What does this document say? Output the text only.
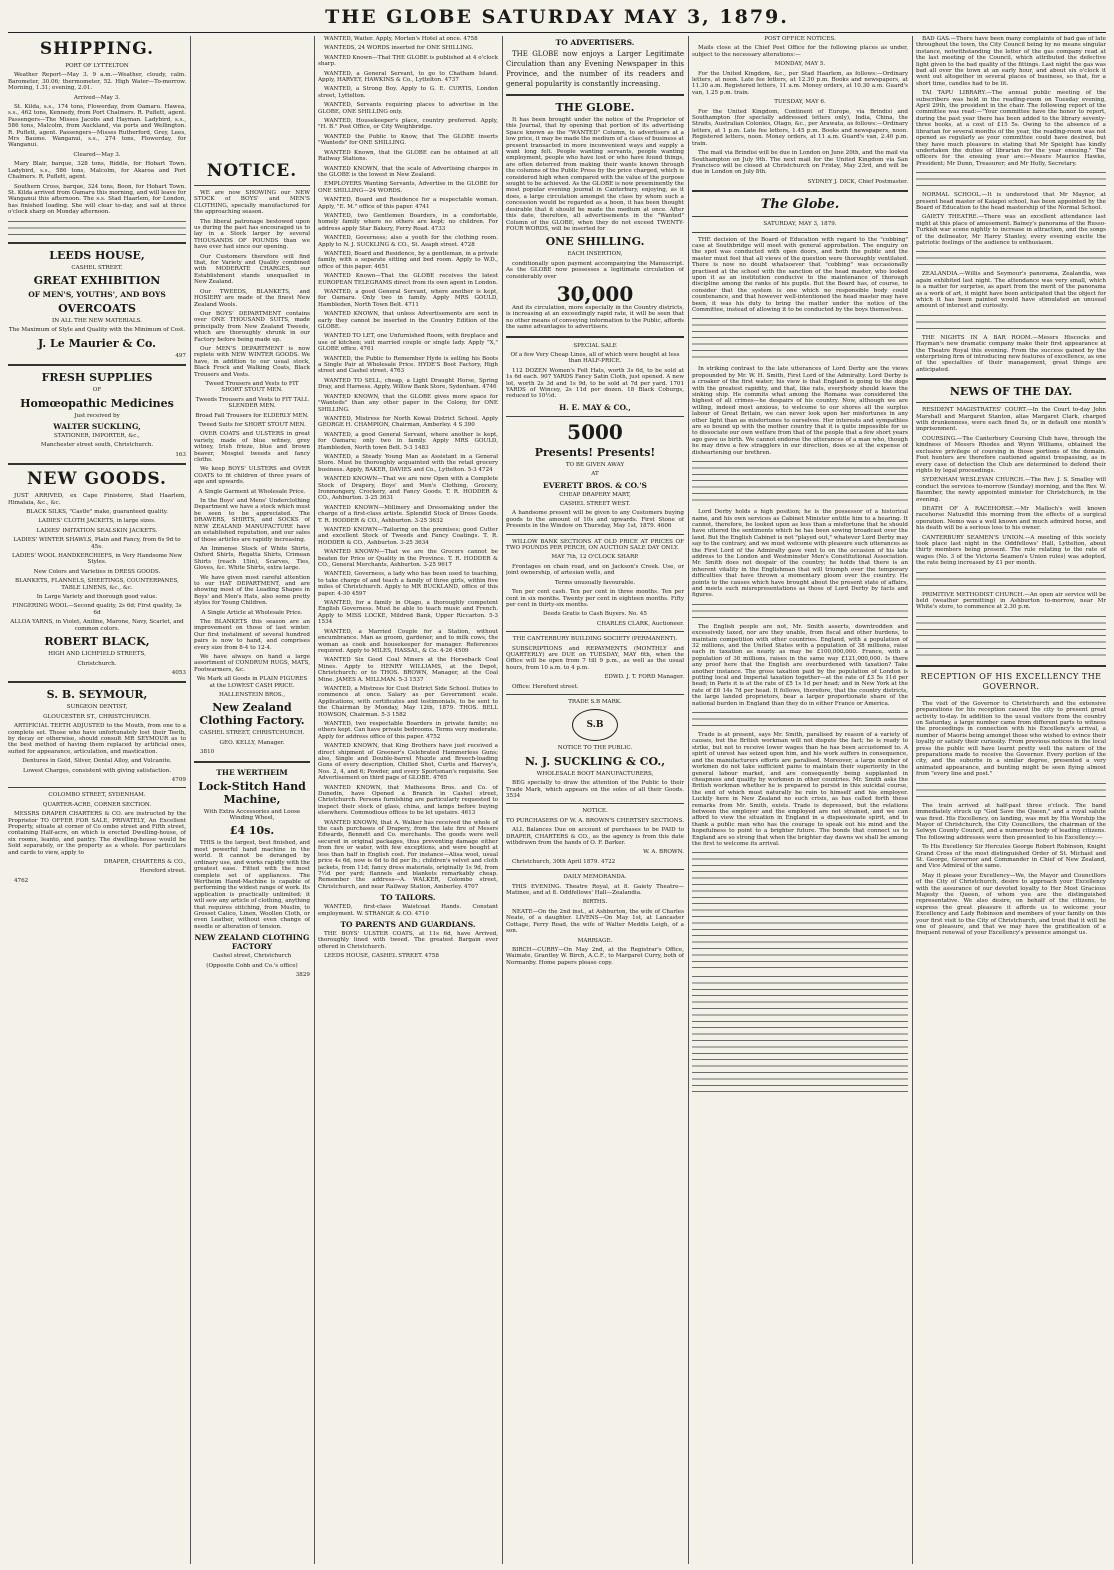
THE GLOBE SATURDAY MAY 3, 1879.
SHIPPING.

PORT OF LYTTELTON

Weather Report—May 3. 9 a.m.—Weather, cloudy, calm. Barometer, 30.06; thermometer, 52. High Water—To-morrow. Morning, 1.31; evening, 2.01.

Arrived—May 3.

St. Kilda, s.s., 174 tons, Flowerday, from Oamaru. Hawea, s.s., 462 tons, Kennedy, from Port Chalmers. R. Puflett, agent. Passengers—The Misses Jacobs and Hayman. Ladybird, s.s., 586 tons, Malcolm, from Auckland, via ports and Wellington. R. Puflett, agent. Passengers—Misses Rutherford, Grey, Lees, Mrs Baume. Wanganui, s.s., 274 tons, Flowerday, for Wanganui.

Cleared—May 3.

Mary Blair, barque, 328 tons, Riddle, for Hobart Town. Ladybird, s.s., 586 tons, Malcolm, for Akaroa and Port Chalmers. R. Puflett, agent.

Southern Cross, barque, 324 tons, Boon, for Hobart Town. St. Kilda arrived from Oamaru this morning, and will leave for Wanganui this afternoon. The s.s. Stad Haarlem, for London, has finished loading. She will clear to-day, and sail at three o'clock sharp on Monday afternoon.

LEEDS HOUSE,

CASHEL STREET.

GREAT EXHIBITION
OF MEN'S, YOUTHS', AND BOYS
OVERCOATS

IN ALL THE NEW MATERIALS.

The Maximum of Style and Quality with the Minimum of Cost.

J. Le Maurier & Co.

497

FRESH SUPPLIES

OF

Homœopathic Medicines

Just received by

WALTER SUCKLING,

STATIONER, IMPORTER, &c.,

Manchester street south, Christchurch.

163

NEW GOODS.

JUST ARRIVED, ex Cape Finisterre, Stad Haarlem, Himalaia, &c., &c.

BLACK SILKS, "Castle" make, guaranteed quality.

LADIES' CLOTH JACKETS, in large sizes.

LADIES' IMITATION SEALSKIN JACKETS.

LADIES' WINTER SHAWLS, Plain and Fancy, from 6s 9d to 45s.

LADIES' WOOL HANDKERCHIEFS, in Very Handsome New Styles.

New Colors and Varieties in DRESS GOODS.

BLANKETS, FLANNELS, SHEETINGS, COUNTERPANES, TABLE LINENS, &c., &c.

In Large Variety and thorough good value.

FINGERING WOOL—Second quality, 2s 6d; First quality, 3s 6d

ALLOA YARNS, in Violet, Aniline, Marone, Navy, Scarlet, and common colors.

ROBERT BLACK,

HIGH AND LICHFIELD STREETS,

Christchurch.

4053

S. B. SEYMOUR,

SURGEON DENTIST,

GLOUCESTER ST., CHRISTCHURCH.

ARTIFICIAL TEETH ADJUSTED to the Mouth, from one to a complete set. Those who have unfortunately lost their Teeth, by decay or otherwise, should consult MR SEYMOUR as to the best method of having them replaced by artificial ones, suited for appearance, articulation, and mastication.

Dentures in Gold, Silver, Dental Alloy, and Vulcanite.

Lowest Charges, consistent with giving satisfaction.

4709

COLOMBO STREET, SYDENHAM.

QUARTER-ACRE, CORNER SECTION.

MESSRS DRAPER CHARTERS & CO. are instructed by the Proprietor TO OFFER FOR SALE, PRIVATELY, An Excellent Property, situate at corner of Co ombo street and Fifth street, containing Half-acre, on which is erected Dwelling-house, of six rooms, leanto, and pantry. The dwelling-house would be Sold separately, or the property as a whole. For particulars and cards to view, apply to

DRAPER, CHARTERS & CO.,

Hereford street.

4762

NOTICE.

WE are now SHOWING our NEW STOCK of BOYS' and MEN'S CLOTHING, specially manufactured for the approaching season.

The liberal patronage bestowed upon us during the past has encouraged us to lay in a Stock larger by several THOUSANDS OF POUNDS than we have ever had since our opening.

Our Customers therefore will find that, for Variety and Quality combined with MODERATE CHARGES, our Establishment stands unequalled in New Zealand.

Our TWEEDS, BLANKETS, and HOSIERY are made of the finest New Zealand Wools.

Our BOYS' DEPARTMENT contains over ONE THOUSAND SUITS, made principally from New Zealand Tweeds, which are thoroughly shrunk in our Factory before being made up.

Our MEN'S DEPARTMENT is now replete with NEW WINTER GOODS. We have, in addition to our usual stock, Black Frock and Walking Coats, Black Trousers and Vests.

Tweed Trousers and Vests to FIT SHORT STOUT MEN.

Tweeds Trousers and Vests to FIT TALL SLENDER MEN.

Broad Fall Trousers for ELDERLY MEN.

Tweed Suits for SHORT STOUT MEN.

OVER COATS and ULSTERS in great variety, made of blue witney, grey witney, Irish frieze, blue and brown beaver, Mosgiel tweeds and fancy cloths.

We keep BOYS' ULSTERS and OVER COATS to fit children of three years of age and upwards.

A Single Garment at Wholesale Price.

In the Boys' and Mens' Underclothing Department we have a stock which must be seen to be appreciated. The DRAWERS, SHIRTS, and SOCKS of NEW ZEALAND MANUFACTURE have an established reputation, and our sales of those articles are rapidly increasing.

An Immense Stock of White Shirts, Oxford Shirts, Regatta Shirts, Crimean Shirts (reach 15in), Scarves, Ties, Gloves, &c. White Shirts, extra large.

We have given most careful attention to our HAT DEPARTMENT, and are showing most of the Leading Shapes in Boys' and Men's Hats, also some pretty styles for Young Children.

A Single Article at Wholesale Price.

The BLANKETS this season are an improvement on those of last winter. Our first instalment of several hundred pairs is now to hand, and comprises every size from 8-4 to 12-4.

We have always on hand a large assortment of CONDRUM RUGS, MATS, Footwarmers, &c.

We Mark all Goods in PLAIN FIGURES at the LOWEST CASH PRICE.

HALLENSTEIN BROS.,

New Zealand Clothing Factory.

CASHEL STREET, CHRISTCHURCH.

GEO. KELLY, Manager.

3810

THE WERTHEIM
Lock-Stitch Hand Machine,

With Extra Accessories and Loose Winding Wheel,

£4 10s.

THIS is the largest, best finished, and most powerful hand machine in the world. It cannot be deranged by ordinary use, and works rapidly with the greatest ease. Fitted with the most complete set of appliances. The Wertheim Hand-Machine is capable of performing the widest range of work. Its application is practically unlimited; it will sew any article of clothing, anything that requires stitching, from Muslin, to Grosset Calico, Linen, Woollen Cloth, or even Leather, without even change of needle or alteration of tension.

NEW ZEALAND CLOTHING FACTORY

Cashel street, Christchurch

(Opposite Cobb and Co.'s office)

3829

WANTED, Waiter. Apply, Morten's Hotel at once. 4758

WANTEDS, 24 WORDS inserted for ONE SHILLING.

WANTED Known—That THE GLOBE is published at 4 o'clock sharp.

WANTED, a General Servant, to go to Chatham Island. Apply, HARVEY, HAWKINS & Co., Lyttelton. 4737

WANTED, a Strong Boy. Apply to G. E. CURTIS, London street, Lyttelton.

WANTED, Servants requiring places to advertise in the GLOBE, ONE SHILLING only.

WANTED, Housekeeper's place, country preferred. Apply, "H. B." Post Office, or City Weighbridge.

WANTED the Public to Know, that The GLOBE inserts "Wanteds" for ONE SHILLING.

WANTED Known, that the GLOBE can be obtained at all Railway Stations.

WANTED KNOWN, that the scale of Advertising charges in the GLOBE is the lowest in New Zealand.

EMPLOYERS Wanting Servants, Advertise in the GLOBE for ONE SHILLING—24 WORDS.

WANTED, Board and Residence for a respectable woman. Apply, "E. M." office of this paper. 4741

WANTED, two Gentlemen Boarders, in a comfortable, homely family where no others are kept; no children. For address apply Star Bakery, Ferry Road. 4733

WANTED, Governess; also a youth for the clothing room. Apply to N. J. SUCKLING & CO., St. Asaph street. 4728

WANTED, Board and Residence, by a gentleman, in a private family, with a separate sitting and bed room. Apply to W.D., office of this paper. 4651

WANTED Known—That the GLOBE receives the latest EUROPEAN TELEGRAMS direct from its own agent in London.

WANTED, a good General Servant, where another is kept, for Oamaru. Only two in family. Apply MRS GOULD, Hambleden, North Town Belt. 4711

WANTED KNOWN, that unless Advertisements are sent in early they cannot be inserted in the Country Edition of the GLOBE.

WANTED TO LET, one Unfurnished Room, with fireplace and use of kitchen; suit married couple or single lady. Apply "X," GLOBE office. 4761

WANTED, the Public to Remember Hyde is selling his Boots a Single Pair at Wholesale Price. HYDE'S Boot Factory, High street and Cashel street. 4763

WANTED TO SELL, cheap, a Light Draught Horse, Spring Dray, and Harness. Apply, Willow Bank Store, Sydenham. 4746

WANTED KNOWN, that the GLOBE gives more space for "Wanteds" than any other paper in the Colony, for ONE SHILLING.

WANTED, Mistress for North Kowai District School. Apply GEORGE H. CHAMPION, Chairman, Amberley. 4 S 390

WANTED, a good General Servant, where another is kept, for Oamaru; only two in family. Apply MRS GOULD, Hambleden, North town Belt. 5-3 1483

WANTED, a Steady Young Man as Assistant in a General Store. Must be thoroughly acquainted with the retail grocery business. Apply, BAKER, DAVIES and Co., Lyttelton. 5-3 4724

WANTED KNOWN—That we are now Open with a Complete Stock of Drapery, Boys' and Men's Clothing, Grocery, Ironmongery, Crockery, and Fancy Goods. T. R. HODDER & CO., Ashburton. 3-25 3631

WANTED KNOWN—Millinery and Dressmaking under the charge of a first-class artiste. Splendid Stock of Dress Goods. T. R. HODDER & CO., Ashburton. 3-25 3632

WANTED KNOWN—Tailoring on the premises; good Cutter and excellent Stock of Tweeds and Fancy Coatings. T. R. HODDER & CO., Ashburton. 3-25 3634

WANTED KNOWN—That we are the Grocers cannot be beaten for Price or Quality in the Province. T. R. HODDER & CO., General Merchants, Ashburton. 3-25 9617

WANTED, Governess, a lady who has been used to teaching, to take charge of and teach a family of three girls, within five miles of Christchurch. Apply to MR BUCKLAND, office of this paper. 4-30 4597

WANTED, for a family in Otago, a thoroughly competent English Governess. Must be able to teach music and French. Apply to MISS LOCKE, Mildred Bank, Upper Riccarton. 5-3 1534

WANTED, a Married Couple for a Station, without encumbrance. Man as groom, gardener, and to milk cows, the woman as cook and housekeeper for manager. References required. Apply to MILES, HASSAL, & Co. 4-26 4509

WANTED Six Good Coal Miners at the Horseback Coal Mines. Apply to HENRY WILLIAMS, at the Depot, Christchurch; or to THOS. BROWN, Manager, at the Coal Mine. JAMES A. MILLMAN. 5-3 1537

WANTED, a Mistress for Cust District Side School. Duties to commence at once. Salary as per Government scale. Applications, with certificates and testimonials, to be sent to the Chairman by Monday, May 12th, 1879. THOS. BELL HOWSON, Chairman. 5-3 1582

WANTED, two respectable Boarders in private family; no others kept. Can have private bedrooms. Terms very moderate. Apply for address office of this paper. 4752

WANTED KNOWN, that King Brothers have just received a direct shipment of Greener's Celebrated Hammerless Guns; also, Single and Double-barrel Muzzle and Breech-loading Guns of every description, Chilled Shot, Curtis and Harvey's, Nos. 2, 4, and 6; Powder, and every Sportsman's requisite. See Advertisement on third page of GLOBE. 4765

WANTED KNOWN, that Mathesons Bros. and Co. of Dunedin, have Opened a Branch in Cashel street, Christchurch. Persons furnishing are particularly requested to inspect their stock of glass, china, and lamps before buying elsewhere. Commodious offices to be let upstairs. 4613

WANTED KNOWN, that A. Walker has received the whole of the cash purchases of Drapery, from the late fire of Messrs Edwards, Bennett and Co. merchants. The goods were well secured in original packages, thus preventing damage either from fire or water, with few exceptions, and were bought at less than half in English cost. For instance—Alisa wool, usual price 4s 6d, now is 6d to 8d per lb.; children's velvet and cloth jackets, from 11d; fancy dress materials, originally 1s 9d, from 7½d per yard; flannels and blankets remarkably cheap. Remember the address—A. WALKER, Colombo street, Christchurch, and near Railway Station, Amberley. 4707

TO TAILORS.

WANTED, first-class Waistcoat Hands. Constant employment. W. STRANGE & CO. 4710

TO PARENTS AND GUARDIANS.

THE BOYS' ULSTER COATS, at 11s 6d, have Arrived, thoroughly lined with tweed. The greatest Bargain ever offered in Christchurch.

LEEDS HOUSE, CASHEL STREET. 4758

TO ADVERTISERS.

THE GLOBE now enjoys a Larger Legitimate Circulation than any Evening Newspaper in this Province, and the number of its readers and general popularity is constantly increasing.

THE GLOBE.

It has been brought under the notice of the Proprietor of this Journal, that by opening that portion of its advertising Space known as the "WANTED" Column, to advertisers at a low price, it may be made the medium of a class of business at present transacted in more inconvenient ways and supply a want long felt. People wanting servants, people wanting employment, people who have lost or who have found things, are often deterred from making their wants known through the columns of the Public Press by the price charged, which is considered high when compared with the value of the purpose sought to be achieved. As the GLOBE is now preeminently the most popular evening journal in Canterbury, enjoying, as it does, a large circulation amongst the class by whom such a concession would be regarded as a boon, it has been thought desirable that it should be made the medium at once. After this date, therefore, all advertisements in the "Wanted" Column of the GLOBE, when they do not exceed TWENTY-FOUR WORDS, will be inserted for

ONE SHILLING.

EACH INSERTION,

conditionally upon payment accompanying the Manuscript. As the GLOBE now possesses a legitimate circulation of considerably over

30,000

And its circulation, more especially in the Country districts, is increasing at an exceedingly rapid rate, it will be seen that no other means of conveying information to the Public, affords the same advantages to advertisers.

SPECIAL SALE

Of a few Very Cheap Lines, all of which were bought at less than HALF-PRICE.

112 DOZEN Women's Felt Hats, worth 3s 6d, to be sold at 1s 6d each. 907 YARDS Fancy Satin Cloth, just opened. A new lot, worth 2s 3d and 1s 9d, to be sold at 7d per yard. 1701 YARDS of Wincey, 2s 11d per dozen. 18 Black Coburgs, reduced to 10½d.

H. E. MAY & CO.,
5000
Presents! Presents!

TO BE GIVEN AWAY

AT

EVERETT BROS. & CO.'S

CHEAP DRAPERY MART,

CASHEL STREET WEST.

A handsome present will be given to any Customers buying goods to the amount of 10s and upwards. First Stone of Presents in the Window on Thursday, May 1st, 1879. 4606

WILLOW BANK SECTIONS AT OLD PRICE AT PRICES OF TWO POUNDS PER PERCH, ON AUCTION SALE DAY ONLY.

MAY 7th, 12 O'CLOCK SHARP.

Frontages on chain road, and on Jackson's Creek. Use, or joint ownership, of artesian wells, and

Terms unusually favourable.

Ten per cent cash. Ten per cent in three months. Ten per cent in six months. Twenty per cent in eighteen months. Fifty per cent in thirty-six months.

Deeds Gratis to Cash Buyers. No. 45

CHARLES CLARK, Auctioneer.

THE CANTERBURY BUILDING SOCIETY (PERMANENT).

SUBSCRIPTIONS and REPAYMENTS (MONTHLY and QUARTERLY) are DUE on TUESDAY, MAY 6th, when the Office will be open from 7 till 9 p.m., as well as the usual hours, from 10 a.m. to 4 p.m.

EDWD. J. T. FORD Manager.

Office: Hereford street.

TRADE S.B MARK.

S.B

NOTICE TO THE PUBLIC.

N. J. SUCKLING & CO.,

WHOLESALE BOOT MANUFACTURERS,

BEG specially to draw the attention of the Public to their Trade Mark, which appears on the soles of all their Goods. 3534

NOTICE.

TO PURCHASERS OF W. A. BROWN'S CHERTSEY SECTIONS.

ALL Balances Due on account of purchases to be PAID to DRAPER, CHARTERS & CO., as the agency is from this date withdrawn from the hands of O. F. Barker.

W. A. BROWN.

Christchurch, 30th April 1879. 4722

DAILY MEMORANDA.

THIS EVENING. Theatre Royal, at 8. Gaiety Theatre—Matinee, and at 8. Oddfellows' Hall—Zealandia.

BIRTHS.

NEATE—On the 2nd inst., at Ashburton, the wife of Charles Neate, of a daughter. LIVENS—On May 1st, at Lancaster Cottage, Ferry Road, the wife of Walter Meddis Leigh, of a son.

MARRIAGE.

BIRCH—CURRY—On May 2nd, at the Registrar's Office, Waimate, Grantley W. Birch, A.C.F., to Margaret Curry, both of Normanby. Home papers please copy.

POST OFFICE NOTICES.

Mails close at the Chief Post Office for the following places as under, subject to the necessary alterations:—

MONDAY, MAY 5.

For the United Kingdom, &c., per Stad Haarlem, as follows:—Ordinary letters, at noon. Late fee letters, at 12.30 p.m. Books and newspapers, at 11.30 a.m. Registered letters, 11 a.m. Money orders, at 10.30 a.m. Guard's van, 1.25 p.m. train.

TUESDAY, MAY 6.

For the United Kingdom, Continent of Europe, via Brindisi and Southampton (for specially addressed letters only), India, China, the Straits, Australian Colonies, Otago, &c., per Arawata, as follows:—Ordinary letters, at 1 p.m. Late fee letters, 1.45 p.m. Books and newspapers, noon. Registered letters, noon. Money orders, at 11 a.m. Guard's van, 2.40 p.m. train.

The mail via Brindisi will be due in London on June 20th, and the mail via Southampton on July 9th. The next mail for the United Kingdom via San Francisco will be closed at Christchurch on Friday, May 23rd, and will be due in London on July 8th.

SYDNEY J. DICK, Chief Postmaster.

The Globe.

SATURDAY, MAY 3, 1879.

THE decision of the Board of Education with regard to the "cobbing" case at Southbridge will meet with general approbation. The enquiry on the spot was conducted with open doors, and both the public and the master must feel that all views of the question were thoroughly ventilated. There is now no doubt whatsoever that "cobbing" was occasionally practised at the school with the sanction of the head master, who looked upon it as an institution conducive to the maintenance of thorough discipline among the ranks of his pupils. But the Board has, of course, to consider that the system is one which no responsible body could countenance, and that however well-intentioned the head master may have been, it was his duty to bring the matter under the notice of the Committee, instead of allowing it to be conducted by the boys themselves.

In striking contrast to the late utterances of Lord Derby are the views propounded by Mr. W. H. Smith, First Lord of the Admiralty. Lord Derby is a croaker of the first water; his view is that England is going to the dogs with the greatest rapidity, and that, like rats, everybody should leave the sinking ship. He commits what among the Romans was considered the highest of all crimes—he despairs of his country. Now, although we are willing, indeed most anxious, to welcome to our shores all the surplus labour of Great Britain, we can never look upon her misfortunes in any other light than as misfortunes to ourselves. Her interests and sympathies are so bound up with the mother country that it is quite impossible for us to dissociate our own welfare from that of the people that a few short years ago gave us birth. We cannot endorse the utterances of a man who, though he may drive a few stragglers in our direction, does so at the expense of disheartening our brethren.

Lord Derby holds a high position; he is the possessor of a historical name, and his own services as Cabinet Minister entitle him to a hearing. It cannot, therefore, be looked upon as less than a misfortune that he should have uttered the sentiments which he has been sowing broadcast over the land. But the English Cabinet is not "played out," whatever Lord Derby may say to the contrary, and we must welcome with pleasure such utterances as the First Lord of the Admiralty gave vent to on the occasion of his late address to the London and Westminster Men's Constitutional Association. Mr. Smith does not despair of the country; he holds that there is an inherent vitality in the Englishman that will triumph over the temporary difficulties that have thrown a momentary gloom over the country. He points to the causes which have brought about the present state of affairs, and meets such misrepresentations as those of Lord Derby by facts and figures.

The English people are not, Mr. Smith asserts, downtrodden and excessively taxed, nor are they unable, from fiscal and other burdens, to maintain competition with other countries. England, with a population of 32 millions, and the United States with a population of 38 millions, raise each in taxation as nearly as may be £100,000,000. France, with a population of 36 millions, raises in the same way £121,000,000. Is there any proof here that the English are overburdened with taxation? Take another instance. The gross taxation paid by the population of London is putting local and Imperial taxation together—at the rate of £3 5s 11d per head; in Paris it is at the rate of £5 1s 1d per head; and in New York at the rate of £6 14s 7d per head. It follows, therefore, that the country districts, the large landed proprietors, bear a larger proportionate share of the national burden in England than they do in either France or America.

Trade is at present, says Mr. Smith, paralised by reason of a variety of causes, but the British workman will not dispute the fact; he is ready to strike, but not to receive lower wages than he has been accustomed to. A spirit of unrest has seized upon him, and his work suffers in consequence, and the manufacturers efforts are paralised. Moreover, a large number of workmen do not take sufficient pains to maintain their superiority in the general labour market, and are consequently being supplanted in cheapness and quality by workmen in other countries. Mr. Smith asks the British workman whether he is prepared to persist in this suicidal course, the end of which must naturally be ruin to himself and his employer. Luckily here in New Zealand no such crisis, as has called forth these remarks from Mr. Smith, exists. Trade is depressed, but the relations between the employer and the employed are not strained, and we can afford to view the situation in England in a dispassionate spirit, and to thank a public man who has the courage to speak out his mind and the hopefulness to point to a brighter future. The bonds that connect us to England are so strong that when the brighter day dawns we shall be among the first to welcome its arrival.

BAD GAS.—There have been many complaints of bad gas of late throughout the town, the City Council being by no means singular instance, notwithstanding the letter of the gas company read at the last meeting of the Council, which attributed the defective light given to the bad quality of the fittings. Last night the gas was bad all over the town at an early hour, and about six o'clock it went out altogether in several places of business, so that, for a short time, candles had to be lit.

TAI TAPU LIBRARY.—The annual public meeting of the subscribers was held in the reading-room on Tuesday evening, April 29th, the president in the chair. The following report of the committee was read:—"Your committee have the honor to report, during the past year there has been added to the library seventy-three books, at a cost of £15 5s. Owing to the absence of a librarian for several months of the year, the reading-room was not opened as regularly as your committee could have desired, but they have much pleasure in stating that Mr Speight has kindly undertaken the duties of librarian for the year ensuing." The officers for the ensuing year are:—Messrs Maurice Hawke, President; Mr Dunn, Treasurer; and Mr Holly, Secretary.

NORMAL SCHOOL.—It is understood that Mr Maynor, at present head master of Kaiapoi school, has been appointed by the Board of Education to the head mastership of the Normal School.

GAIETY THEATRE.—There was an excellent attendance last night at this place of amusement. Bainey's panorama of the Russo-Turkish war scene nightly to increase in attraction, and the songs of the delineator, Mr Harry Stanley, every evening excite the patriotic feelings of the audience to enthusiasm.

ZEALANDIA.—Willis and Seymour's panorama, Zealandia, was again exhibited last night. The attendance was very small, which is a matter for surprise, as apart from the merit of the panorama as a work of art, it might have been anticipated that the object for which it has been painted would have stimulated an unusual amount of interest and curiosity.

THE NIGHTS IN A BAR ROOM.—Messrs Hiscocks and Hayman's new dramatic company make their first appearance at the Theatre Royal this evening. From the success gained by the enterprising firm of introducing new features of excellence, as one of the specialties of their management, great things are anticipated.

NEWS OF THE DAY.

RESIDENT MAGISTRATES' COURT.—In the Court to-day John Marshall and Margaret Stanton, alias Margaret Clark, charged with drunkenness, were each fined 5s, or in default one month's imprisonment.

COURSING.—The Canterbury Coursing Club have, through the kindness of Messrs Rhodes and Wynn Williams, obtained the exclusive privilege of coursing in those portions of the domain. Foot hunters are therefore cautioned against trespassing, as in every case of detection the Club are determined to defend their rights by legal proceedings.

SYDENHAM WESLEYAN CHURCH.—The Rev. J. S. Smalley will conduct the services to-morrow (Sunday) morning, and the Rev. W. Baumber, the newly appointed minister for Christchurch, in the evening.

DEATH OF A RACEHORSE.—Mr Malloch's well known racehorse Natusdid this morning from the effects of a surgical operation. Nemo was a well known and much admired horse, and his death will be a serious loss to his owner.

CANTERBURY SEAMEN'S UNION.—A meeting of this society took place last night in the Oddfellows' Hall, Lyttelton, about thirty members being present. The rule relating to the rate of wages (No. 3 of the Victoria Seamen's Union rules) was adopted, the rate being increased by £1 per month.

PRIMITIVE METHODIST CHURCH.—An open air service will be held (weather permitting) in Ashburton to-morrow, near Mr White's store, to commence at 2.30 p.m.

RECEPTION OF HIS EXCELLENCY THE GOVERNOR.

The visit of the Governor to Christchurch and the extensive preparations for his reception caused the city to present great activity to-day. In addition to the usual visitors from the country on Saturday, a large number came from different parts to witness the proceedings in connection with his Excellency's arrival, a number of Maoris being amongst those who wished to evince their loyalty or satisfy their curiosity. From previous notices in the local press the public will have learnt pretty well the nature of the preparations made to receive the Governor. Every portion of the city, and the suburbs in a similar degree, presented a very animated appearance, and bunting might be seen flying almost from "every line and post."

The train arrived at half-past three o'clock. The band immediately struck up "God Save the Queen," and a royal salute was fired. His Excellency, on landing, was met by His Worship the Mayor of Christchurch, the City Councillors, the chairman of the Selwyn County Council, and a numerous body of leading citizens. The following addresses were then presented to his Excellency:—

To His Excellency Sir Hercules George Robert Robinson, Knight Grand Cross of the most distinguished Order of St. Michael and St. George, Governor and Commander in Chief of New Zealand, and Vice Admiral of the same.

May it please your Excellency—We, the Mayor and Councillors of the City of Christchurch, desire to approach your Excellency with the assurance of our devoted loyalty to Her Most Gracious Majesty the Queen, of whom you are the distinguished representative. We also desire, on behalf of the citizens, to express the great pleasure it affords us to welcome your Excellency and Lady Robinson and members of your family on this your first visit to the City of Christchurch, and trust that it will be one of pleasure, and that we may have the gratification of a frequent renewal of your Excellency's presence amongst us.
